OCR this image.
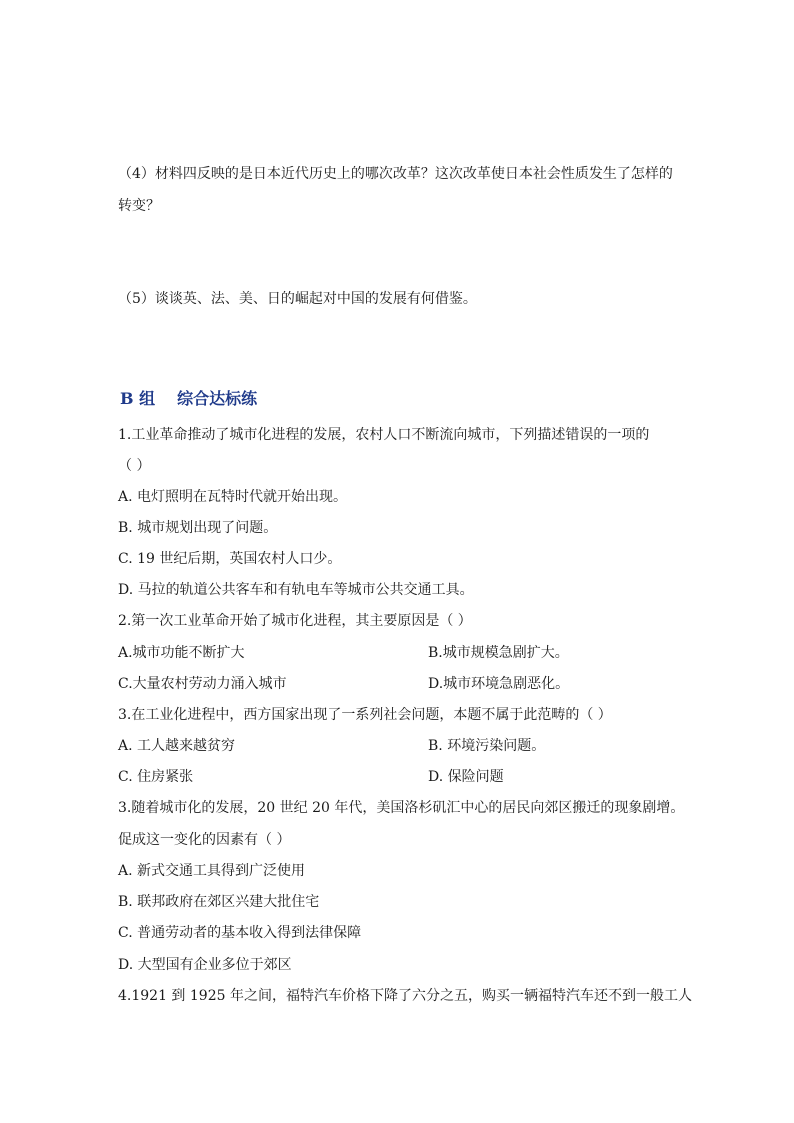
（4）材料四反映的是日本近代历史上的哪次改革？这次改革使日本社会性质发生了怎样的
转变？
（5）谈谈英、法、美、日的崛起对中国的发展有何借鉴。
B 组 综合达标练
1.工业革命推动了城市化进程的发展，农村人口不断流向城市，下列描述错误的一项的
（ ）
A. 电灯照明在瓦特时代就开始出现。
B. 城市规划出现了问题。
C. 19 世纪后期，英国农村人口少。
D. 马拉的轨道公共客车和有轨电车等城市公共交通工具。
2.第一次工业革命开始了城市化进程，其主要原因是（ ）
A.城市功能不断扩大	B.城市规模急剧扩大。
C.大量农村劳动力涌入城市	D.城市环境急剧恶化。
3.在工业化进程中，西方国家出现了一系列社会问题，本题不属于此范畴的（ ）
A. 工人越来越贫穷	B. 环境污染问题。
C. 住房紧张	D. 保险问题
3.随着城市化的发展，20 世纪 20 年代，美国洛杉矶汇中心的居民向郊区搬迁的现象剧增。
促成这一变化的因素有（ ）
A. 新式交通工具得到广泛使用
B. 联邦政府在郊区兴建大批住宅
C. 普通劳动者的基本收入得到法律保障
D. 大型国有企业多位于郊区
4.1921 到 1925 年之间，福特汽车价格下降了六分之五，购买一辆福特汽车还不到一般工人
